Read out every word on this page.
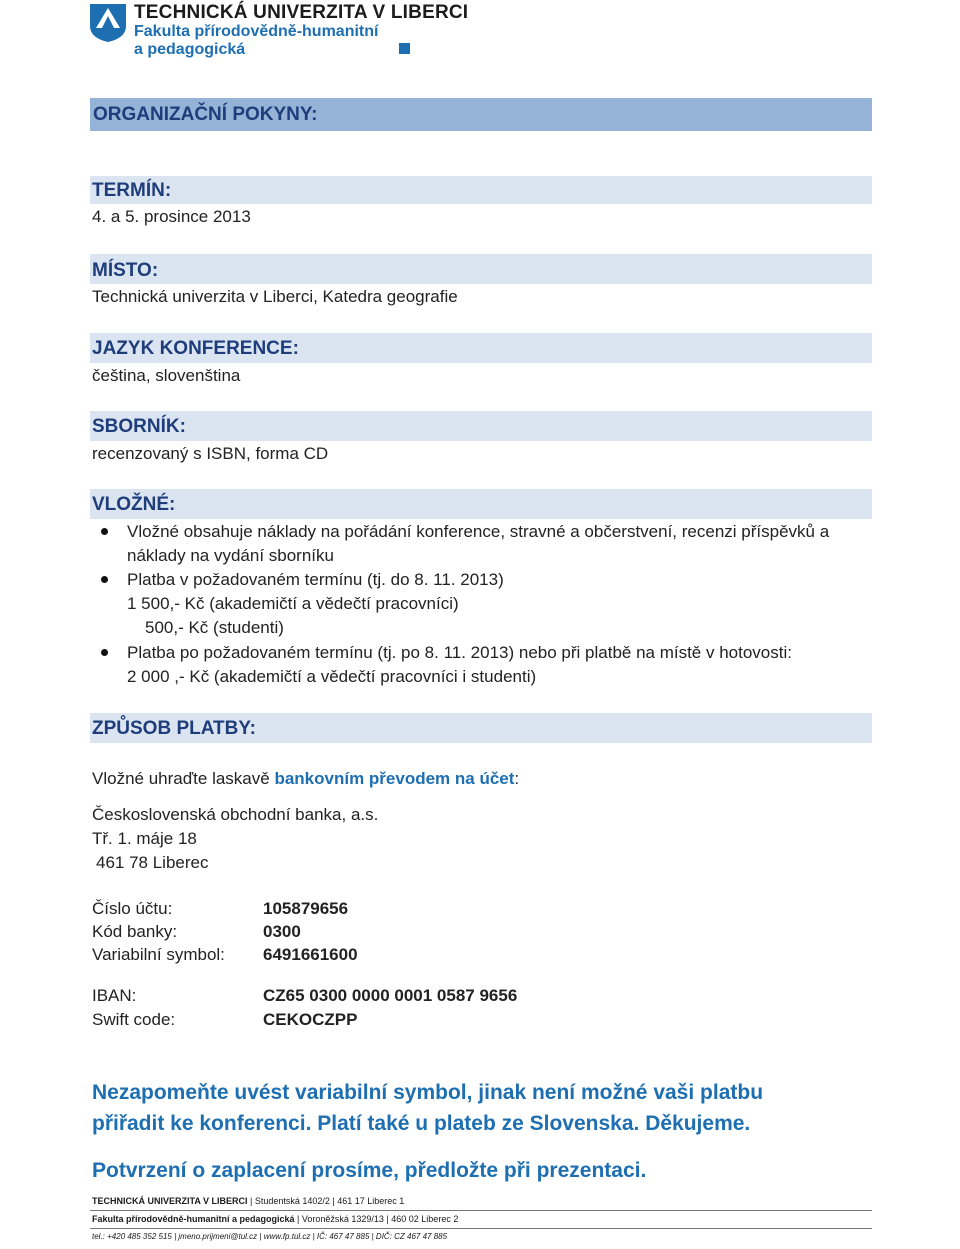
TECHNICKÁ UNIVERZITA V LIBERCI
Fakulta přírodovědně-humanitní
a pedagogická
ORGANIZAČNÍ POKYNY:
TERMÍN:
4. a 5. prosince 2013
MÍSTO:
Technická univerzita v Liberci, Katedra geografie
JAZYK KONFERENCE:
čeština, slovenština
SBORNÍK:
recenzovaný s ISBN, forma CD
VLOŽNÉ:
Vložné obsahuje náklady na pořádání konference, stravné a občerstvení, recenzi příspěvků a
náklady na vydání sborníku
Platba v požadovaném termínu (tj. do 8. 11. 2013)
1 500,- Kč (akademičtí a vědečtí pracovníci)
500,- Kč (studenti)
Platba po požadovaném termínu (tj. po 8. 11. 2013) nebo při platbě na místě v hotovosti:
2 000 ,- Kč (akademičtí a vědečtí pracovníci i studenti)
ZPŮSOB PLATBY:
Vložné uhraďte laskavě bankovním převodem na účet:
Československá obchodní banka, a.s.
Tř. 1. máje 18
461 78 Liberec
Číslo účtu:	105879656
Kód banky:	0300
Variabilní symbol: 6491661600
IBAN:	CZ65 0300 0000 0001 0587 9656
Swift code:	CEKOCZPP
Nezapomeňte uvést variabilní symbol, jinak není možné vaši platbu
přiřadit ke konferenci. Platí také u plateb ze Slovenska. Děkujeme.
Potvrzení o zaplacení prosíme, předložte při prezentaci.
TECHNICKÁ UNIVERZITA V LIBERCI | Studentská 1402/2 | 461 17 Liberec 1
Fakulta přírodovědně-humanitní a pedagogická | Voroněžská 1329/13 | 460 02 Liberec 2
tel.: +420 485 352 515 | jmeno.prijmeni@tul.cz | www.fp.tul.cz | IČ: 467 47 885 | DIČ: CZ 467 47 885
